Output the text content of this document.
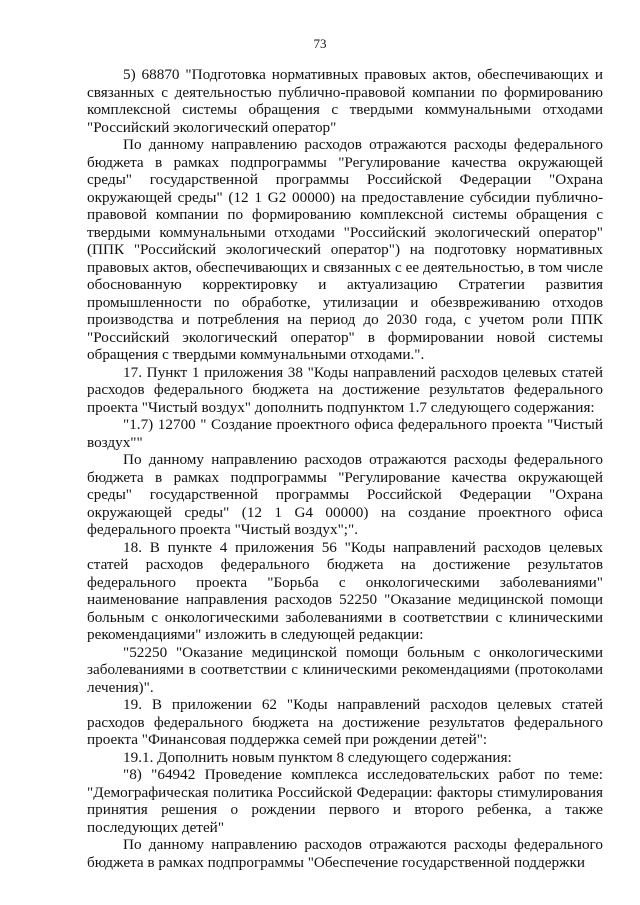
73

5) 68870 "Подготовка нормативных правовых актов, обеспечивающих и связанных с деятельностью публично-правовой компании по формированию комплексной системы обращения с твердыми коммунальными отходами "Российский экологический оператор"

По данному направлению расходов отражаются расходы федерального бюджета в рамках подпрограммы "Регулирование качества окружающей среды" государственной программы Российской Федерации "Охрана окружающей среды" (12 1 G2 00000) на предоставление субсидии публично-правовой компании по формированию комплексной системы обращения с твердыми коммунальными отходами "Российский экологический оператор" (ППК "Российский экологический оператор") на подготовку нормативных правовых актов, обеспечивающих и связанных с ее деятельностью, в том числе обоснованную корректировку и актуализацию Стратегии развития промышленности по обработке, утилизации и обезвреживанию отходов производства и потребления на период до 2030 года, с учетом роли ППК "Российский экологический оператор" в формировании новой системы обращения с твердыми коммунальными отходами.".

17. Пункт 1 приложения 38 "Коды направлений расходов целевых статей расходов федерального бюджета на достижение результатов федерального проекта "Чистый воздух" дополнить подпунктом 1.7 следующего содержания:

"1.7) 12700 " Создание проектного офиса федерального проекта "Чистый воздух""

По данному направлению расходов отражаются расходы федерального бюджета в рамках подпрограммы "Регулирование качества окружающей среды" государственной программы Российской Федерации "Охрана окружающей среды" (12 1 G4 00000) на создание проектного офиса федерального проекта "Чистый воздух";".

18. В пункте 4 приложения 56 "Коды направлений расходов целевых статей расходов федерального бюджета на достижение результатов федерального проекта "Борьба с онкологическими заболеваниями" наименование направления расходов 52250 "Оказание медицинской помощи больным с онкологическими заболеваниями в соответствии с клиническими рекомендациями" изложить в следующей редакции:

"52250 "Оказание медицинской помощи больным с онкологическими заболеваниями в соответствии с клиническими рекомендациями (протоколами лечения)".

19. В приложении 62 "Коды направлений расходов целевых статей расходов федерального бюджета на достижение результатов федерального проекта "Финансовая поддержка семей при рождении детей":

19.1. Дополнить новым пунктом 8 следующего содержания:

"8) "64942 Проведение комплекса исследовательских работ по теме: "Демографическая политика Российской Федерации: факторы стимулирования принятия решения о рождении первого и второго ребенка, а также последующих детей"

По данному направлению расходов отражаются расходы федерального бюджета в рамках подпрограммы "Обеспечение государственной поддержки
